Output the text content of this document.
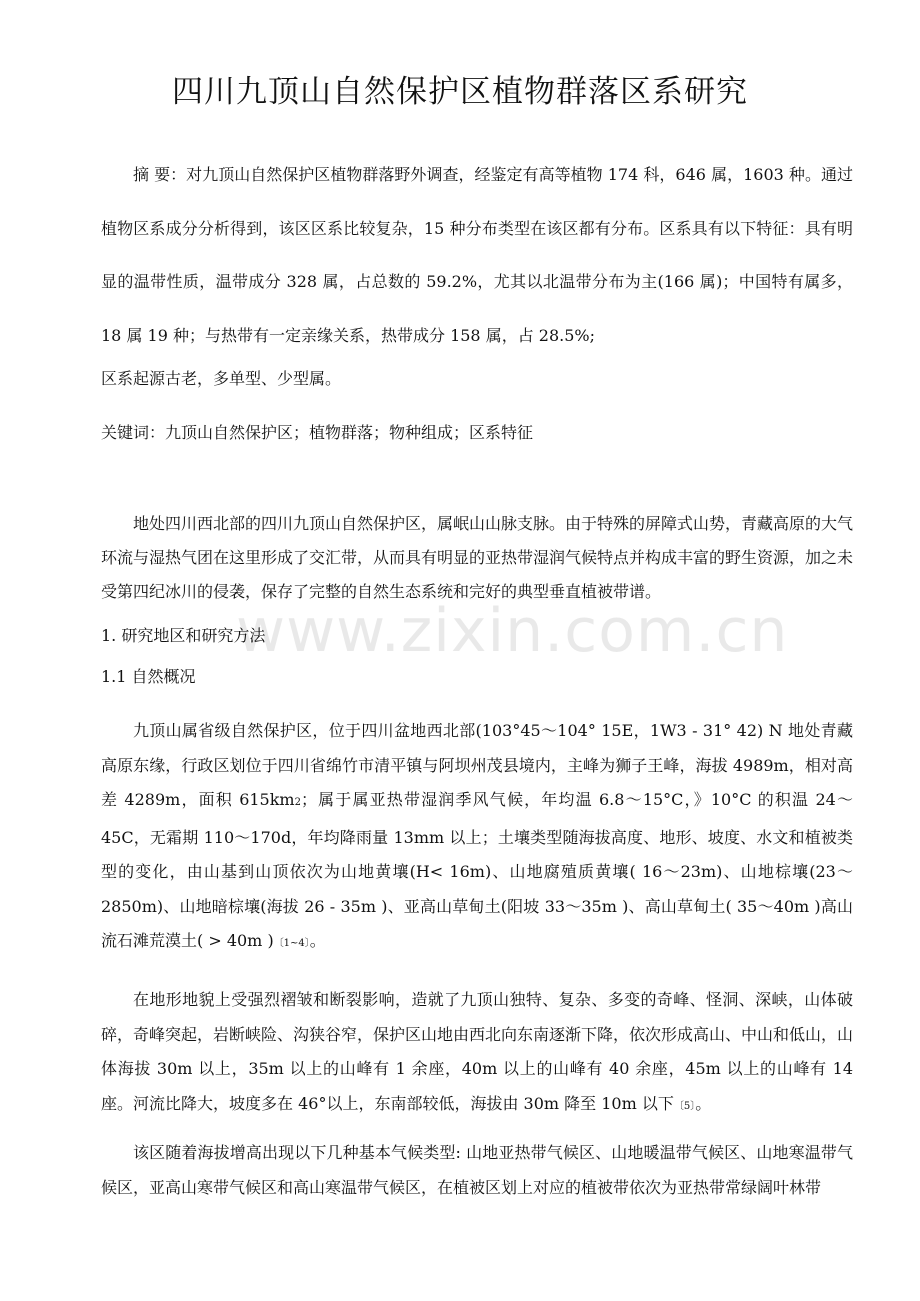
www.zixin.com.cn
四川九顶山自然保护区植物群落区系研究

摘 要：对九顶山自然保护区植物群落野外调查，经鉴定有高等植物 174 科，646 属，1603 种。通过植物区系成分分析得到，该区区系比较复杂，15 种分布类型在该区都有分布。区系具有以下特征：具有明显的温带性质，温带成分 328 属，占总数的 59.2%，尤其以北温带分布为主(166 属)；中国特有属多，18 属 19 种；与热带有一定亲缘关系，热带成分 158 属，占 28.5%;

区系起源古老，多单型、少型属。

关键词：九顶山自然保护区；植物群落；物种组成；区系特征

地处四川西北部的四川九顶山自然保护区，属岷山山脉支脉。由于特殊的屏障式山势，青藏高原的大气环流与湿热气团在这里形成了交汇带，从而具有明显的亚热带湿润气候特点并构成丰富的野生资源，加之未受第四纪冰川的侵袭，保存了完整的自然生态系统和完好的典型垂直植被带谱。

1. 研究地区和研究方法
1.1 自然概况

九顶山属省级自然保护区，位于四川盆地西北部(103°45～104° 15E，1W3 - 31° 42) N 地处青藏高原东缘，行政区划位于四川省绵竹市清平镇与阿坝州茂县境内，主峰为狮子王峰，海拔 4989m，相对高差 4289m，面积 615km2；属于属亚热带湿润季风气候，年均温 6.8～15°C，》10°C 的积温 24～45C，无霜期 110～170d，年均降雨量 13mm 以上；土壤类型随海拔高度、地形、坡度、水文和植被类型的变化，由山基到山顶依次为山地黄壤(H< 16m)、山地腐殖质黄壤( 16～23m)、山地棕壤(23～2850m)、山地暗棕壤(海拔 26 - 35m )、亚高山草甸土(阳坡 33～35m )、高山草甸土( 35～40m )高山流石滩荒漠土( > 40m )〔1~4〕。

在地形地貌上受强烈褶皱和断裂影响，造就了九顶山独特、复杂、多变的奇峰、怪洞、深峡，山体破碎，奇峰突起，岩断峡险、沟狭谷窄，保护区山地由西北向东南逐渐下降，依次形成高山、中山和低山，山体海拔 30m 以上，35m 以上的山峰有 1 余座，40m 以上的山峰有 40 余座，45m 以上的山峰有 14 座。河流比降大，坡度多在 46°以上，东南部较低，海拔由 30m 降至 10m 以下〔5〕。

该区随着海拔增高出现以下几种基本气候类型: 山地亚热带气候区、山地暖温带气候区、山地寒温带气候区，亚高山寒带气候区和高山寒温带气候区，在植被区划上对应的植被带依次为亚热带常绿阔叶林带
